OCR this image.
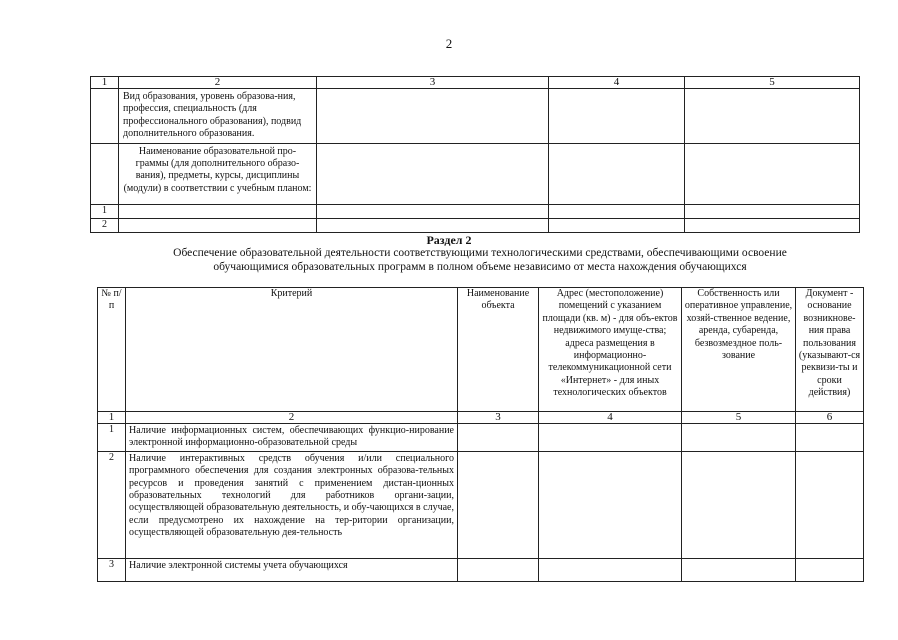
2
1	2	3	4	5
	Вид образования, уровень образова-ния, профессия, специальность (для профессионального образования), подвид дополнительного образования.			
	Наименование образовательной про-граммы (для дополнительного образо-вания), предметы, курсы, дисциплины (модули) в соответствии с учебным планом:			
1				
2				
Раздел 2
Обеспечение образовательной деятельности соответствующими технологическими средствами, обеспечивающими освоение обучающимися образовательных программ в полном объеме независимо от места нахождения обучающихся
№ п/п	Критерий	Наименование объекта	Адрес (местоположение) помещений с указанием площади (кв. м) - для объ-ектов недвижимого имуще-ства; адреса размещения в информационно-телекоммуникационной сети «Интернет» - для иных технологических объектов	Собственность или оперативное управление, хозяй-ственное ведение, аренда, субаренда, безвозмездное поль-зование	Документ - основание возникнове-ния права пользования (указывают-ся реквизи-ты и сроки действия)
1	2	3	4	5	6
1	Наличие информационных систем, обеспечивающих функцио-нирование электронной информационно-образовательной среды				
2	Наличие интерактивных средств обучения и/или специального программного обеспечения для создания электронных образова-тельных ресурсов и проведения занятий с применением дистан-ционных образовательных технологий для работников органи-зации, осуществляющей образовательную деятельность, и обу-чающихся в случае, если предусмотрено их нахождение на тер-ритории организации, осуществляющей образовательную дея-тельность				
3	Наличие электронной системы учета обучающихся				
